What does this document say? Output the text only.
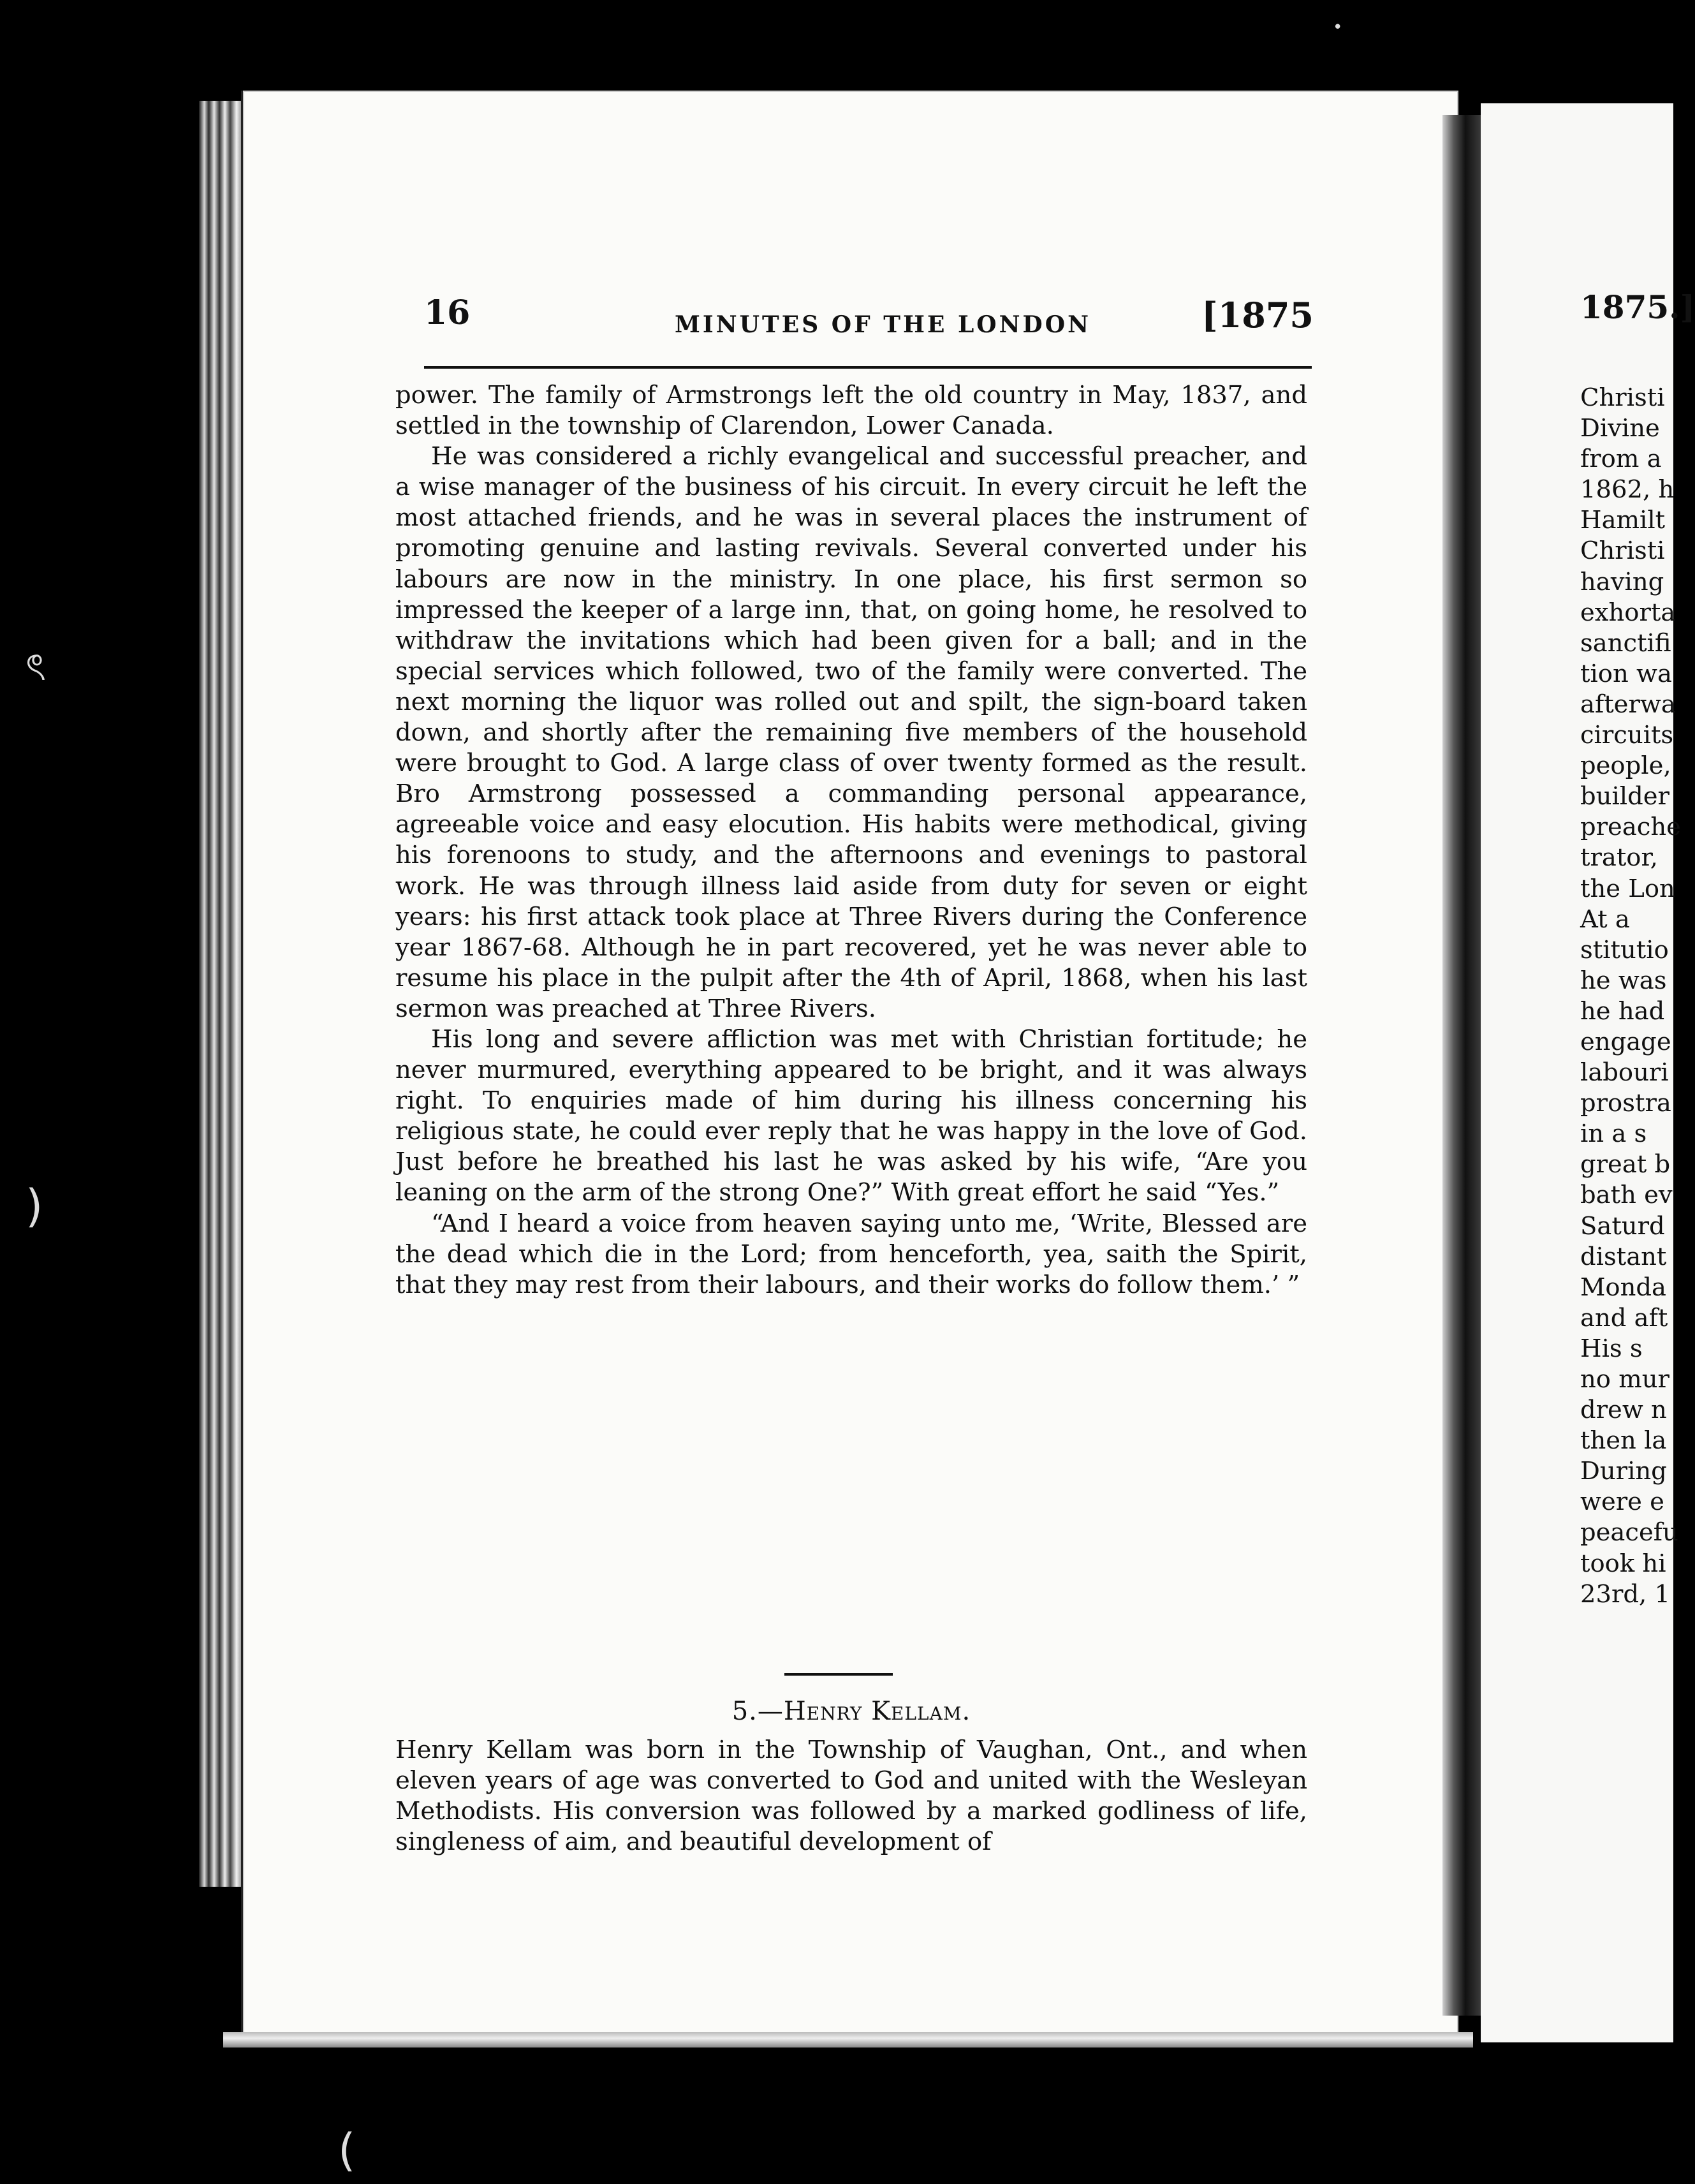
16	MINUTES OF THE LONDON	[1875

power. The family of Armstrongs left the old country in May, 1837, and settled in the township of Clarendon, Lower Canada.

He was considered a richly evangelical and successful preacher, and a wise manager of the business of his circuit. In every circuit he left the most attached friends, and he was in several places the instrument of promoting genuine and lasting revivals. Several converted under his labours are now in the ministry. In one place, his first sermon so impressed the keeper of a large inn, that, on going home, he resolved to withdraw the invitations which had been given for a ball; and in the special services which followed, two of the family were converted. The next morning the liquor was rolled out and spilt, the sign-board taken down, and shortly after the remaining five members of the household were brought to God. A large class of over twenty formed as the result. Bro Armstrong possessed a commanding personal appearance, agreeable voice and easy elocution. His habits were methodical, giving his forenoons to study, and the afternoons and evenings to pastoral work. He was through illness laid aside from duty for seven or eight years: his first attack took place at Three Rivers during the Conference year 1867-68. Although he in part recovered, yet he was never able to resume his place in the pulpit after the 4th of April, 1868, when his last sermon was preached at Three Rivers.

His long and severe affliction was met with Christian fortitude; he never murmured, everything appeared to be bright, and it was always right. To enquiries made of him during his illness concerning his religious state, he could ever reply that he was happy in the love of God. Just before he breathed his last he was asked by his wife, “Are you leaning on the arm of the strong One?” With great effort he said “Yes.”

“And I heard a voice from heaven saying unto me, ‘Write, Blessed are the dead which die in the Lord; from henceforth, yea, saith the Spirit, that they may rest from their labours, and their works do follow them.’ ”

5.—Henry Kellam.

Henry Kellam was born in the Township of Vaughan, Ont., and when eleven years of age was converted to God and united with the Wesleyan Methodists. His conversion was followed by a marked godliness of life, singleness of aim, and beautiful development of

1875.]
Christi
Divine
from a
1862, h
Hamilt
Christi
having
exhorta
sanctifi
tion wa
afterwa
circuits
people,
builder
preache
trator,
the Lon
At a
stitutio
he was
he had
engage
labouri
prostra
in a s
great b
bath ev
Saturd
distant
Monda
and aft
His s
no mur
drew n
then la
During
were e
peacefu
took hi
23rd, 1
•
ৎ
)
(
